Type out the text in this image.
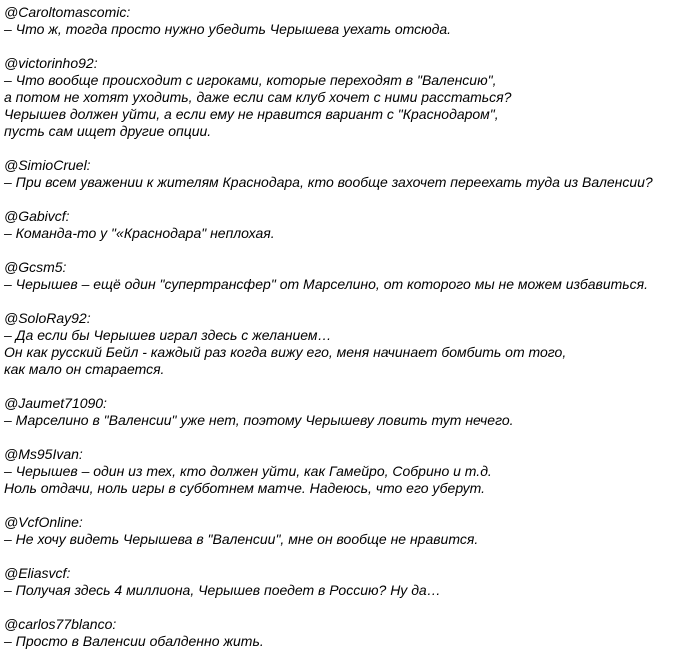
@Caroltomascomic:
– Что ж, тогда просто нужно убедить Черышева уехать отсюда.
@victorinho92:
– Что вообще происходит с игроками, которые переходят в "Валенсию",
а потом не хотят уходить, даже если сам клуб хочет с ними расстаться?
Черышев должен уйти, а если ему не нравится вариант с "Краснодаром",
пусть сам ищет другие опции.
@SimioCruel:
– При всем уважении к жителям Краснодара, кто вообще захочет переехать туда из Валенсии?
@Gabivcf:
– Команда-то у "«Краснодара" неплохая.
@Gcsm5:
– Черышев – ещё один "супертрансфер" от Марселино, от которого мы не можем избавиться.
@SoloRay92:
– Да если бы Черышев играл здесь с желанием…
Он как русский Бейл - каждый раз когда вижу его, меня начинает бомбить от того,
как мало он старается.
@Jaumet71090:
– Марселино в "Валенсии" уже нет, поэтому Черышеву ловить тут нечего.
@Ms95Ivan:
– Черышев – один из тех, кто должен уйти, как Гамейро, Собрино и т.д.
Ноль отдачи, ноль игры в субботнем матче. Надеюсь, что его уберут.
@VcfOnline:
– Не хочу видеть Черышева в "Валенсии", мне он вообще не нравится.
@Eliasvcf:
– Получая здесь 4 миллиона, Черышев поедет в Россию? Ну да…
@carlos77blanco:
– Просто в Валенсии обалденно жить.
